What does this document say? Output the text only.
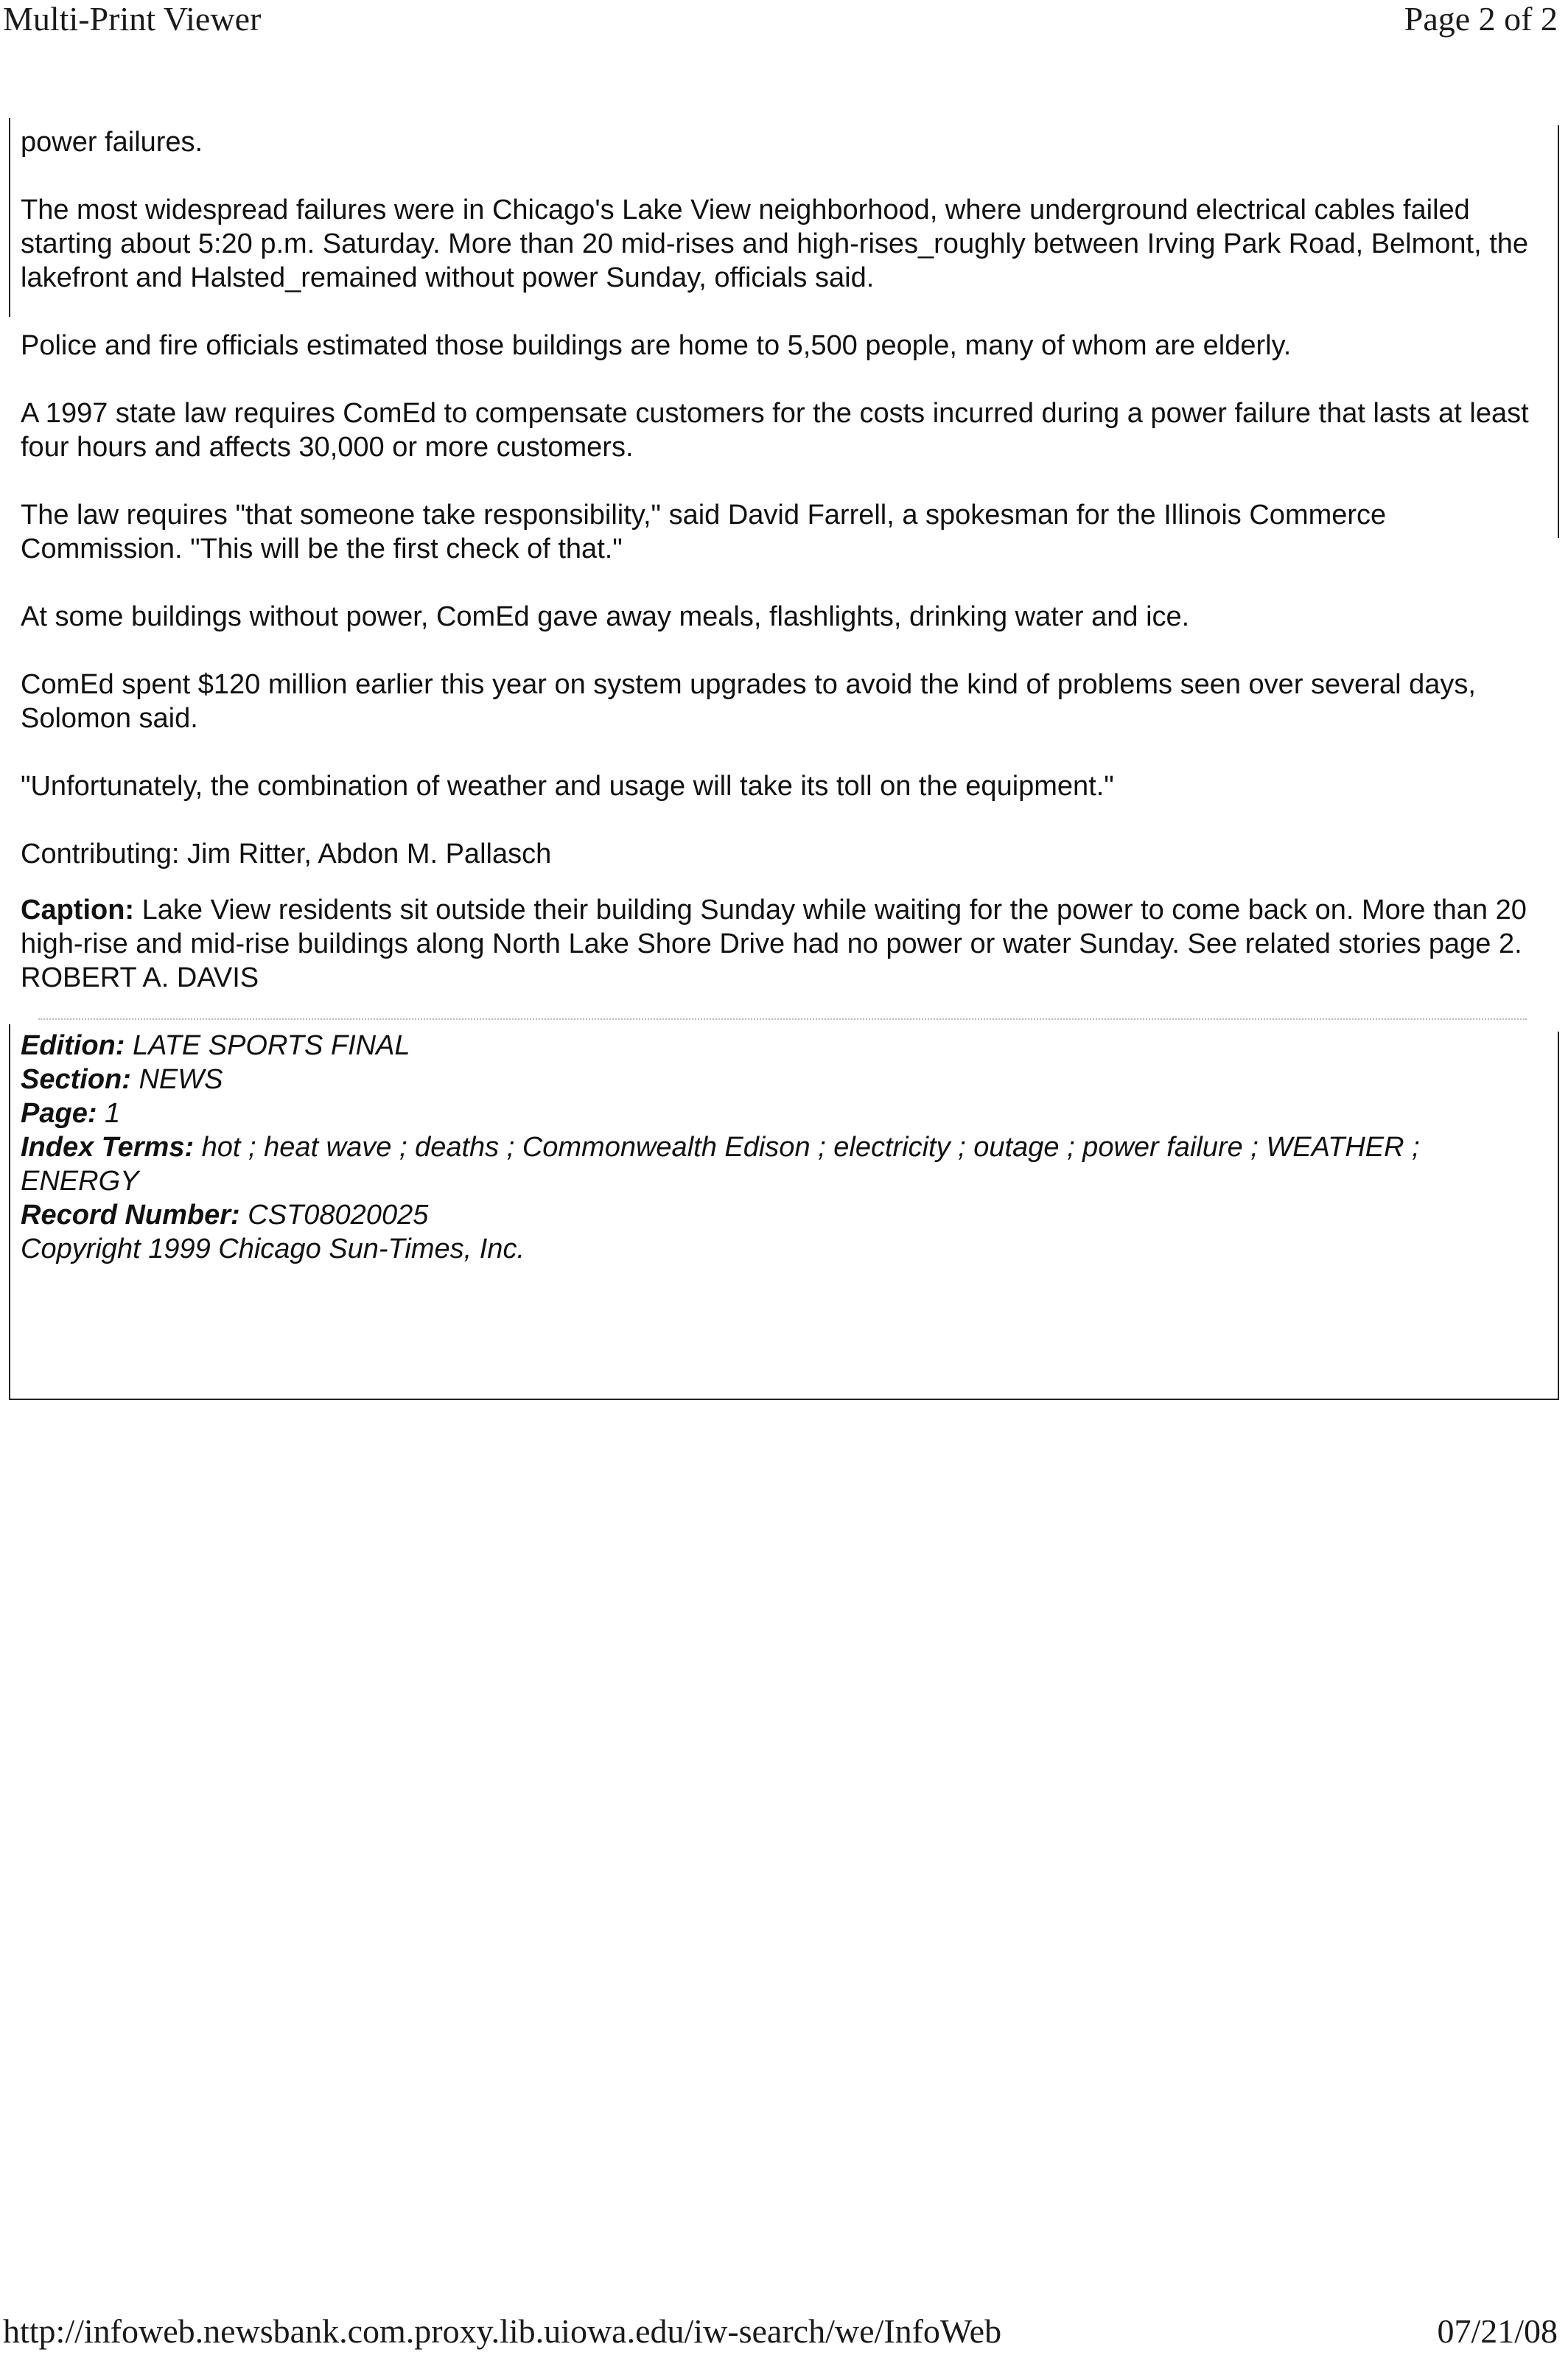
Multi-Print Viewer	Page 2 of 2

power failures.

The most widespread failures were in Chicago's Lake View neighborhood, where underground electrical cables failed starting about 5:20 p.m. Saturday. More than 20 mid-rises and high-rises_roughly between Irving Park Road, Belmont, the lakefront and Halsted_remained without power Sunday, officials said.

Police and fire officials estimated those buildings are home to 5,500 people, many of whom are elderly.

A 1997 state law requires ComEd to compensate customers for the costs incurred during a power failure that lasts at least four hours and affects 30,000 or more customers.

The law requires "that someone take responsibility," said David Farrell, a spokesman for the Illinois Commerce Commission. "This will be the first check of that."

At some buildings without power, ComEd gave away meals, flashlights, drinking water and ice.

ComEd spent $120 million earlier this year on system upgrades to avoid the kind of problems seen over several days, Solomon said.

"Unfortunately, the combination of weather and usage will take its toll on the equipment."

Contributing: Jim Ritter, Abdon M. Pallasch

Caption: Lake View residents sit outside their building Sunday while waiting for the power to come back on. More than 20 high-rise and mid-rise buildings along North Lake Shore Drive had no power or water Sunday. See related stories page 2. ROBERT A. DAVIS

Edition: LATE SPORTS FINAL
Section: NEWS
Page: 1
Index Terms: hot ; heat wave ; deaths ; Commonwealth Edison ; electricity ; outage ; power failure ; WEATHER ; ENERGY
Record Number: CST08020025
Copyright 1999 Chicago Sun-Times, Inc.
http://infoweb.newsbank.com.proxy.lib.uiowa.edu/iw-search/we/InfoWeb	07/21/08
